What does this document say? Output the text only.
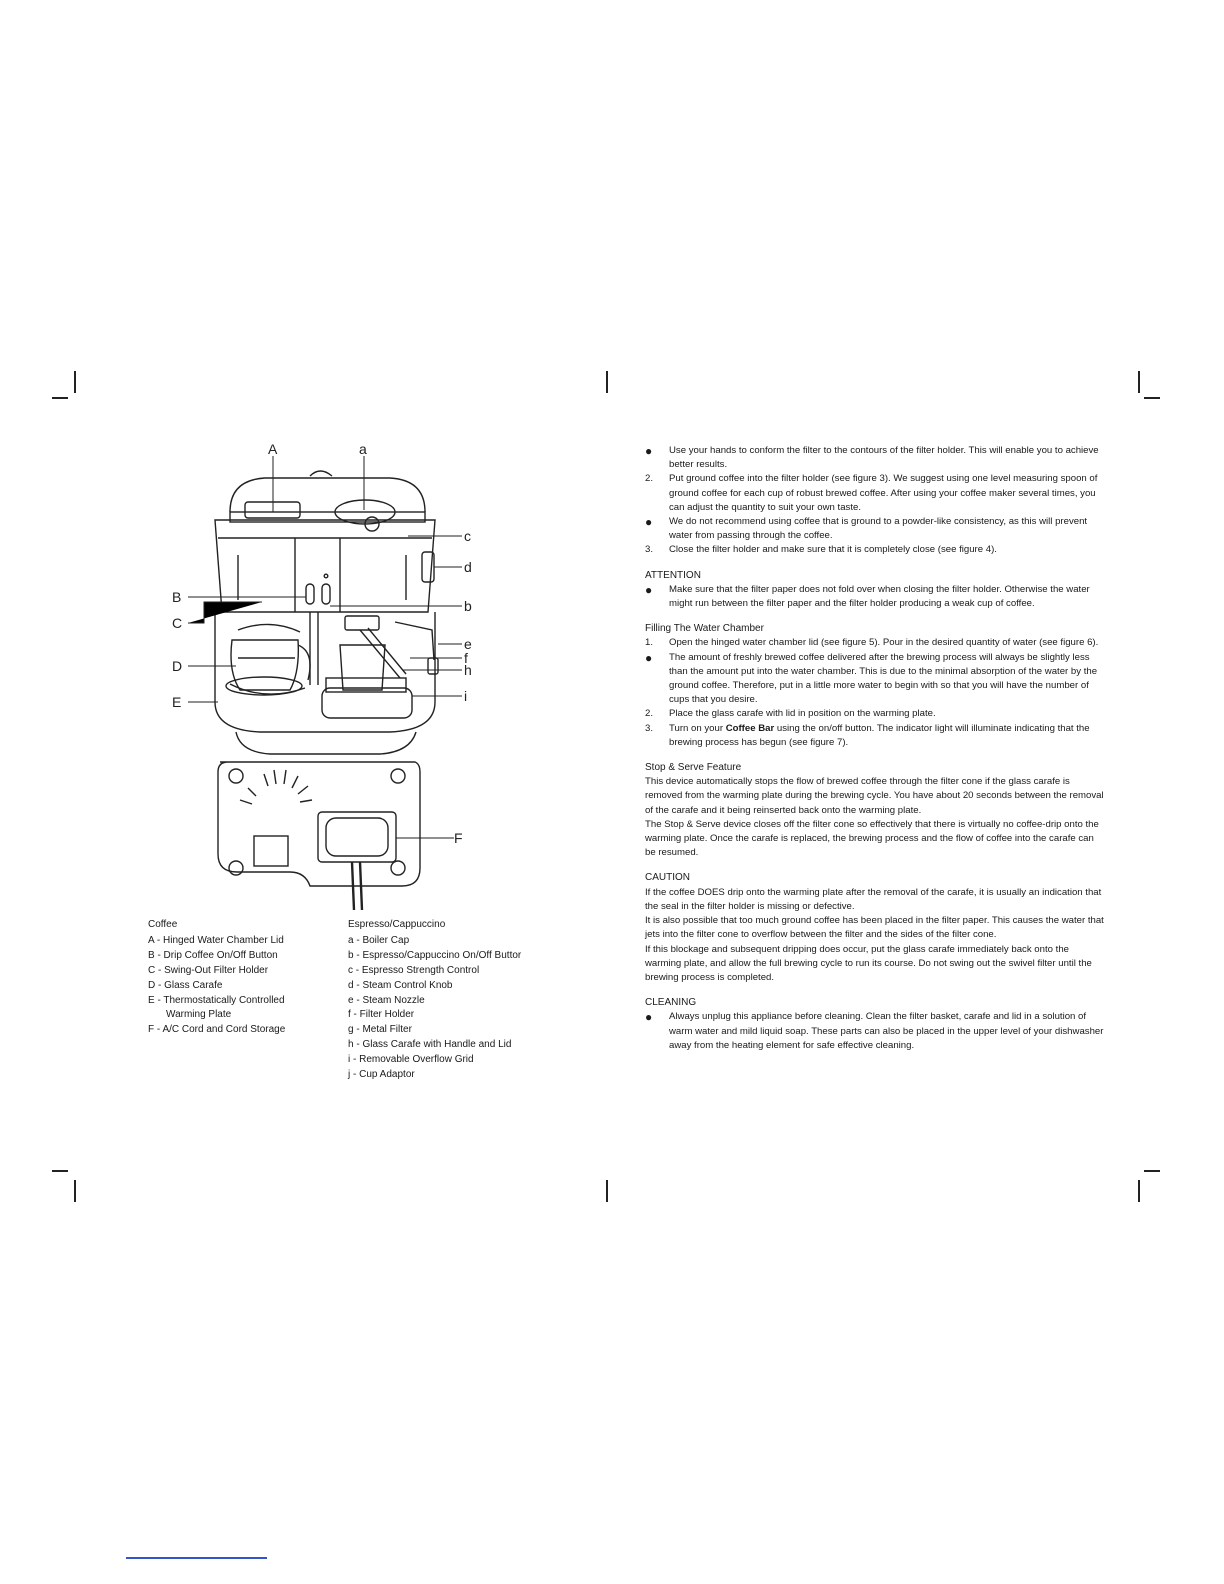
A	a
c
d
b
e
f
h
i
B
C
D
E
F
Coffee
A - Hinged Water Chamber Lid
B - Drip Coffee On/Off Button
C - Swing-Out Filter Holder
D - Glass Carafe
E - Thermostatically Controlled
Warming Plate
F - A/C Cord and Cord Storage
Espresso/Cappuccino
a - Boiler Cap
b - Espresso/Cappuccino On/Off Buttor
c - Espresso Strength Control
d - Steam Control Knob
e - Steam Nozzle
f - Filter Holder
g - Metal Filter
h - Glass Carafe with Handle and Lid
i - Removable Overflow Grid
j - Cup Adaptor
●	Use your hands to conform the filter to the contours of the filter holder. This will enable you to achieve better results.
2.	Put ground coffee into the filter holder (see figure 3). We suggest using one level measuring spoon of ground coffee for each cup of robust brewed coffee. After using your coffee maker several times, you can adjust the quantity to suit your own taste.
●	We do not recommend using coffee that is ground to a powder-like consistency, as this will prevent water from passing through the coffee.
3.	Close the filter holder and make sure that it is completely close (see figure 4).
ATTENTION
●	Make sure that the filter paper does not fold over when closing the filter holder. Otherwise the water might run between the filter paper and the filter holder producing a weak cup of coffee.
Filling The Water Chamber
1.	Open the hinged water chamber lid (see figure 5). Pour in the desired quantity of water (see figure 6).
●	The amount of freshly brewed coffee delivered after the brewing process will always be slightly less than the amount put into the water chamber. This is due to the minimal absorption of the water by the ground coffee. Therefore, put in a little more water to begin with so that you will have the number of cups that you desire.
2.	Place the glass carafe with lid in position on the warming plate.
3.	Turn on your Coffee Bar using the on/off button. The indicator light will illuminate indicating that the brewing process has begun (see figure 7).
Stop & Serve Feature

This device automatically stops the flow of brewed coffee through the filter cone if the glass carafe is removed from the warming plate during the brewing cycle. You have about 20 seconds between the removal of the carafe and it being reinserted back onto the warming plate.

The Stop & Serve device closes off the filter cone so effectively that there is virtually no coffee-drip onto the warming plate. Once the carafe is replaced, the brewing process and the flow of coffee into the carafe can be resumed.

CAUTION

If the coffee DOES drip onto the warming plate after the removal of the carafe, it is usually an indication that the seal in the filter holder is missing or defective.

It is also possible that too much ground coffee has been placed in the filter paper. This causes the water that jets into the filter cone to overflow between the filter and the sides of the filter cone.

If this blockage and subsequent dripping does occur, put the glass carafe immediately back onto the warming plate, and allow the full brewing cycle to run its course. Do not swing out the swivel filter until the brewing process is completed.

CLEANING
●	Always unplug this appliance before cleaning. Clean the filter basket, carafe and lid in a solution of warm water and mild liquid soap. These parts can also be placed in the upper level of your dishwasher away from the heating element for safe effective cleaning.
